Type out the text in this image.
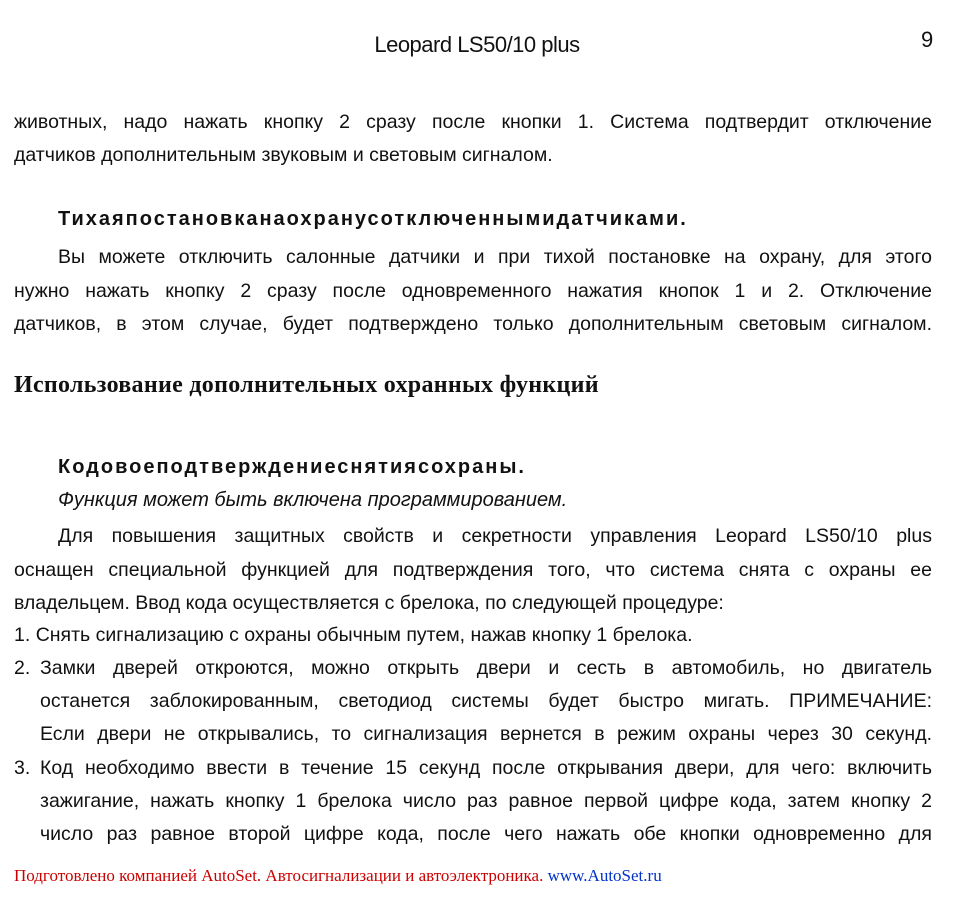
Leopard LS50/10 plus	9
животных, надо нажать кнопку 2 сразу после кнопки 1. Система подтвердит отключение
датчиков дополнительным звуковым и световым сигналом.
Тихаяпостановканаохранусотключеннымидатчиками.
Вы можете отключить салонные датчики и при тихой постановке на охрану, для этого
нужно нажать кнопку 2 сразу после одновременного нажатия кнопок 1 и 2. Отключение
датчиков, в этом случае, будет подтверждено только дополнительным световым сигналом.
Использование дополнительных охранных функций
Кодовоеподтверждениеснятиясохраны.
Функция может быть включена программированием.
Для повышения защитных свойств и секретности управления Leopard LS50/10 plus
оснащен специальной функцией для подтверждения того, что система снята с охраны ее
владельцем. Ввод кода осуществляется с брелока, по следующей процедуре:
1. Снять сигнализацию с охраны обычным путем, нажав кнопку 1 брелока.
2. Замки дверей откроются, можно открыть двери и сесть в автомобиль, но двигатель
останется заблокированным, светодиод системы будет быстро мигать. ПРИМЕЧАНИЕ:
Если двери не открывались, то сигнализация вернется в режим охраны через 30 секунд.
3. Код необходимо ввести в течение 15 секунд после открывания двери, для чего: включить
зажигание, нажать кнопку 1 брелока число раз равное первой цифре кода, затем кнопку 2
число раз равное второй цифре кода, после чего нажать обе кнопки одновременно для
Подготовлено компанией AutoSet. Автосигнализации и автоэлектроника. www.AutoSet.ru
